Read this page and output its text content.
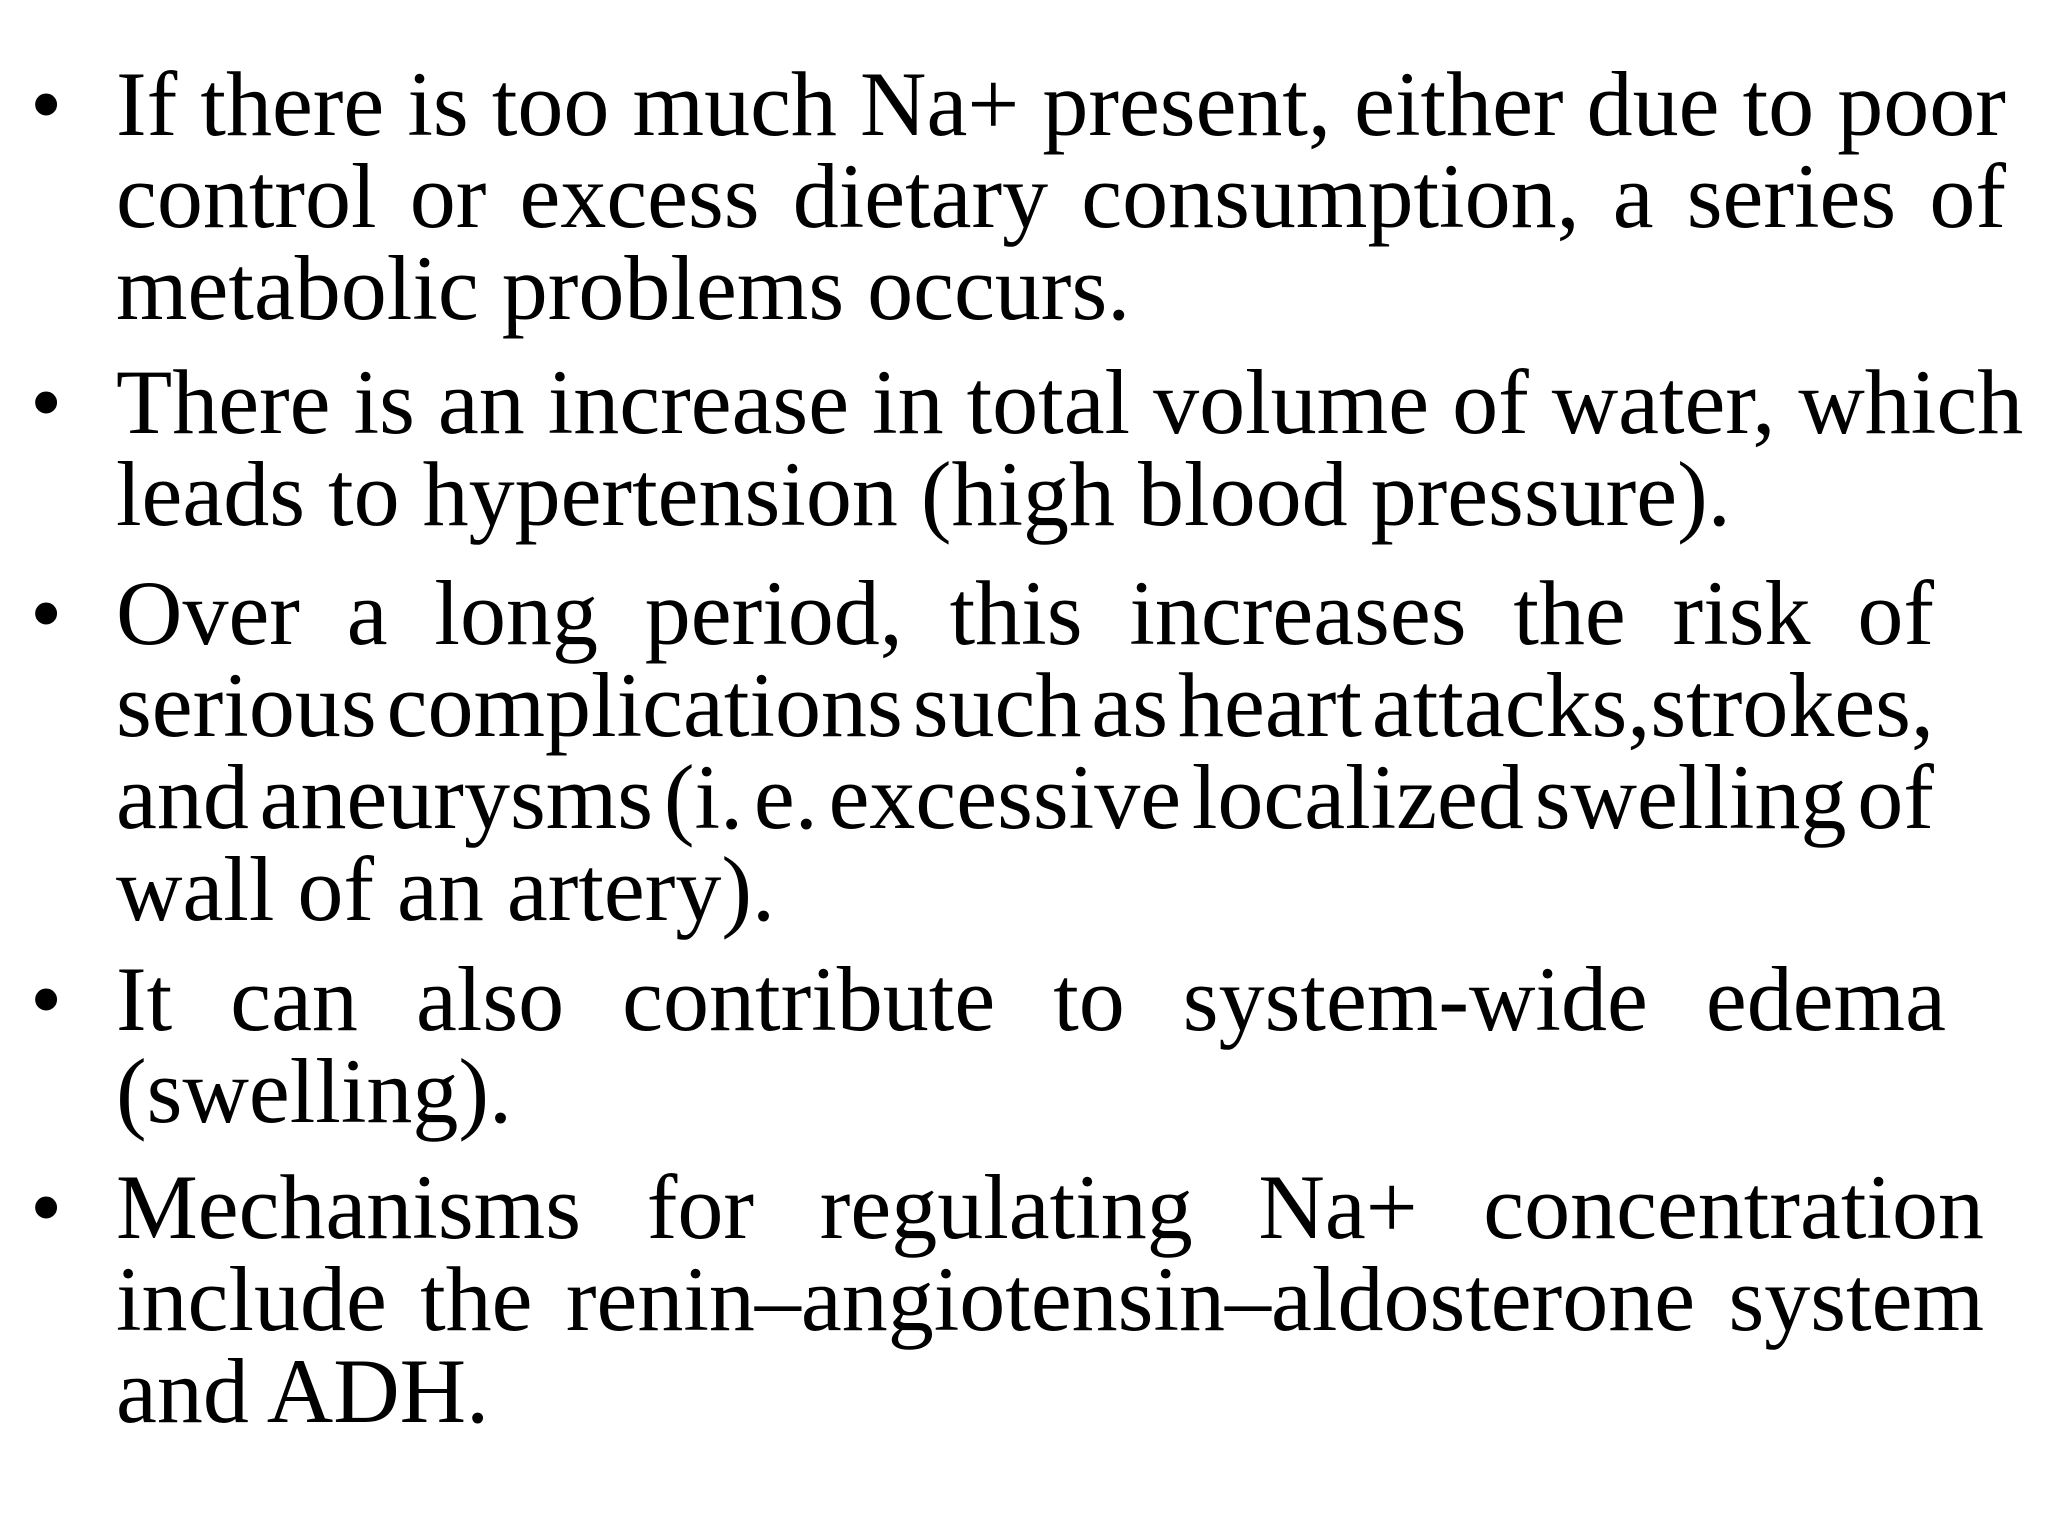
• If there is too much Na+ present, either due to poor
control or excess dietary consumption, a series of
metabolic problems occurs.
• There is an increase in total volume of water, which
leads to hypertension (high blood pressure).
• Over a long period, this increases the risk of
serious complications such as heart attacks,strokes,
and aneurysms (i. e. excessive localized swelling of
wall of an artery).
• It can also contribute to system-wide edema
(swelling).
• Mechanisms for regulating Na+ concentration
include the renin–angiotensin–aldosterone system
and ADH.
